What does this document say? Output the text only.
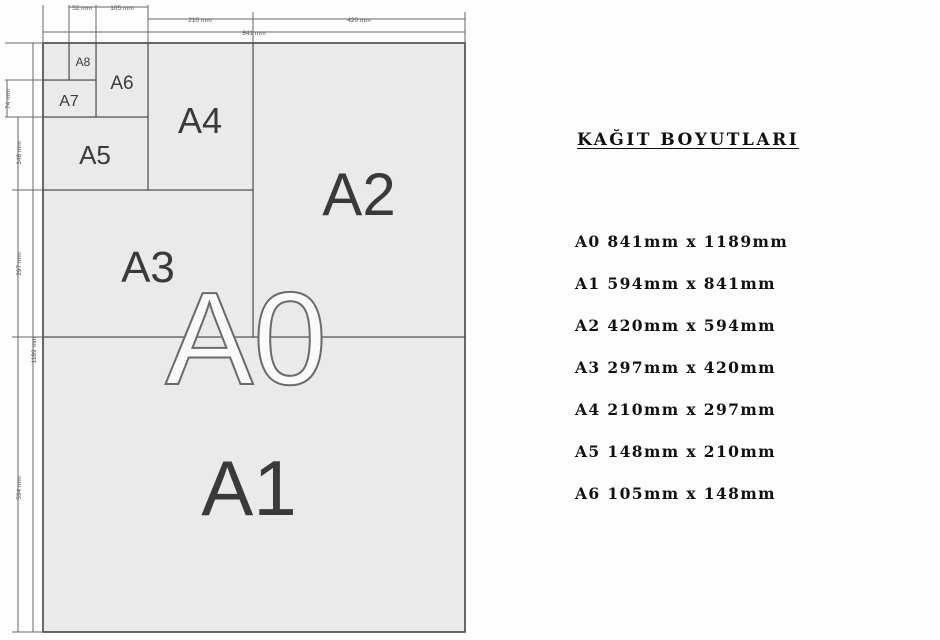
A1
A2
A3
A4
A5
A6
A7
A8
A0
52 mm	105 mm
210 mm	420 mm
841 mm
74 mm
148 mm
297 mm
594 mm
1189 mm
KAĞIT BOYUTLARI
A0 841mm x 1189mm
A1 594mm x 841mm
A2 420mm x 594mm
A3 297mm x 420mm
A4 210mm x 297mm
A5 148mm x 210mm
A6 105mm x 148mm
